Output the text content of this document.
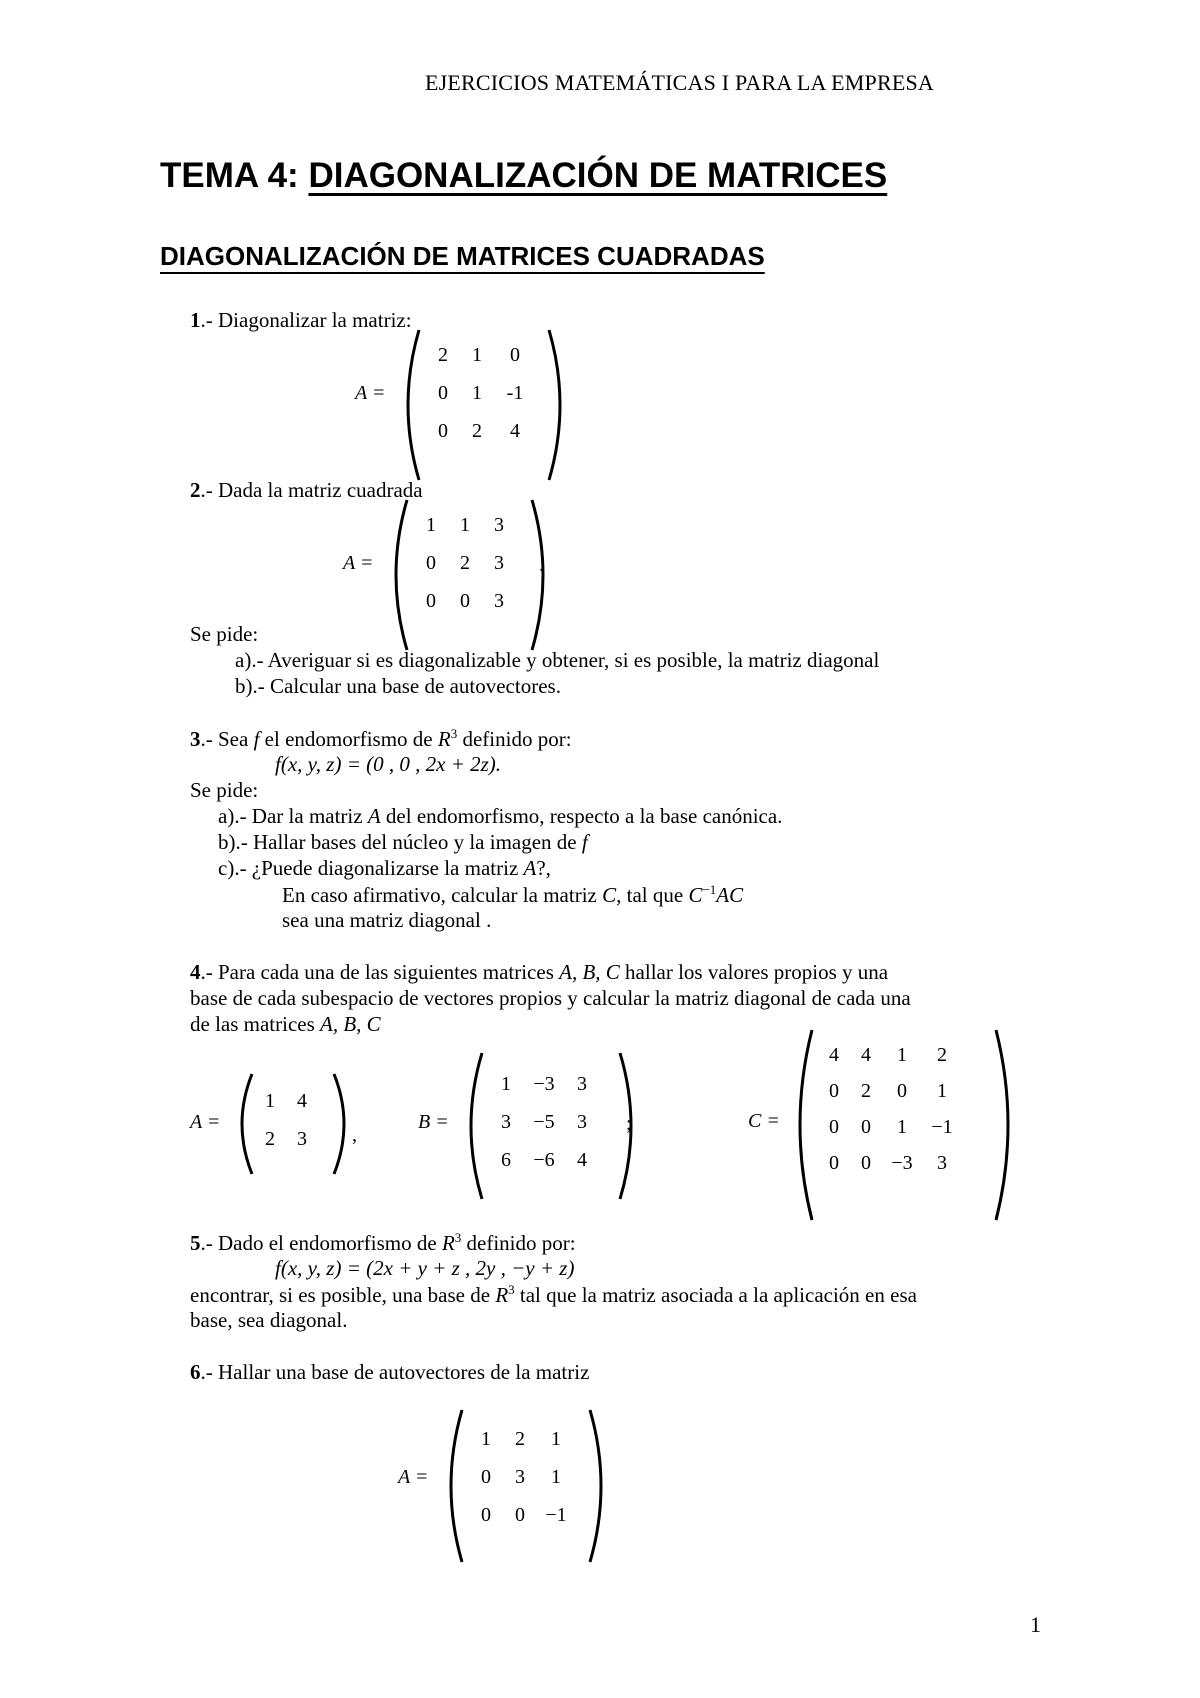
EJERCICIOS MATEMÁTICAS I PARA LA EMPRESA
TEMA 4: DIAGONALIZACIÓN DE MATRICES
DIAGONALIZACIÓN DE MATRICES CUADRADAS
1.- Diagonalizar la matriz:
A =
2	1	0
0	1	-1
0	2	4
2.- Dada la matriz cuadrada
A =
1	1	3
0	2	3
0	0	3
.
Se pide:
a).- Averiguar si es diagonalizable y obtener, si es posible, la matriz diagonal
b).- Calcular una base de autovectores.
3.- Sea f el endomorfismo de $R^3$ definido por:
f(x, y, z) = (0 , 0 , 2x + 2z).
Se pide:
a).- Dar la matriz A del endomorfismo, respecto a la base canónica.
b).- Hallar bases del núcleo y la imagen de f
c).- ¿Puede diagonalizarse la matriz A?,
En caso afirmativo, calcular la matriz C, tal que $C^{-1}AC$
sea una matriz diagonal .
4.- Para cada una de las siguientes matrices A, B, C hallar los valores propios y una
base de cada subespacio de vectores propios y calcular la matriz diagonal de cada una
de las matrices A, B, C
A =
1	4
2	3	,
B =
1	−3	3
3	−5	3
6	−6	4
;	C =
4	4	1	2
0	2	0	1
0	0	1	−1
0	0	−3	3
5.- Dado el endomorfismo de $R^3$ definido por:
f(x, y, z) = (2x + y + z , 2y , −y + z)
encontrar, si es posible, una base de $R^3$ tal que la matriz asociada a la aplicación en esa
base, sea diagonal.
6.- Hallar una base de autovectores de la matriz
A =
1	2	1
0	3	1
0	0	−1
1
